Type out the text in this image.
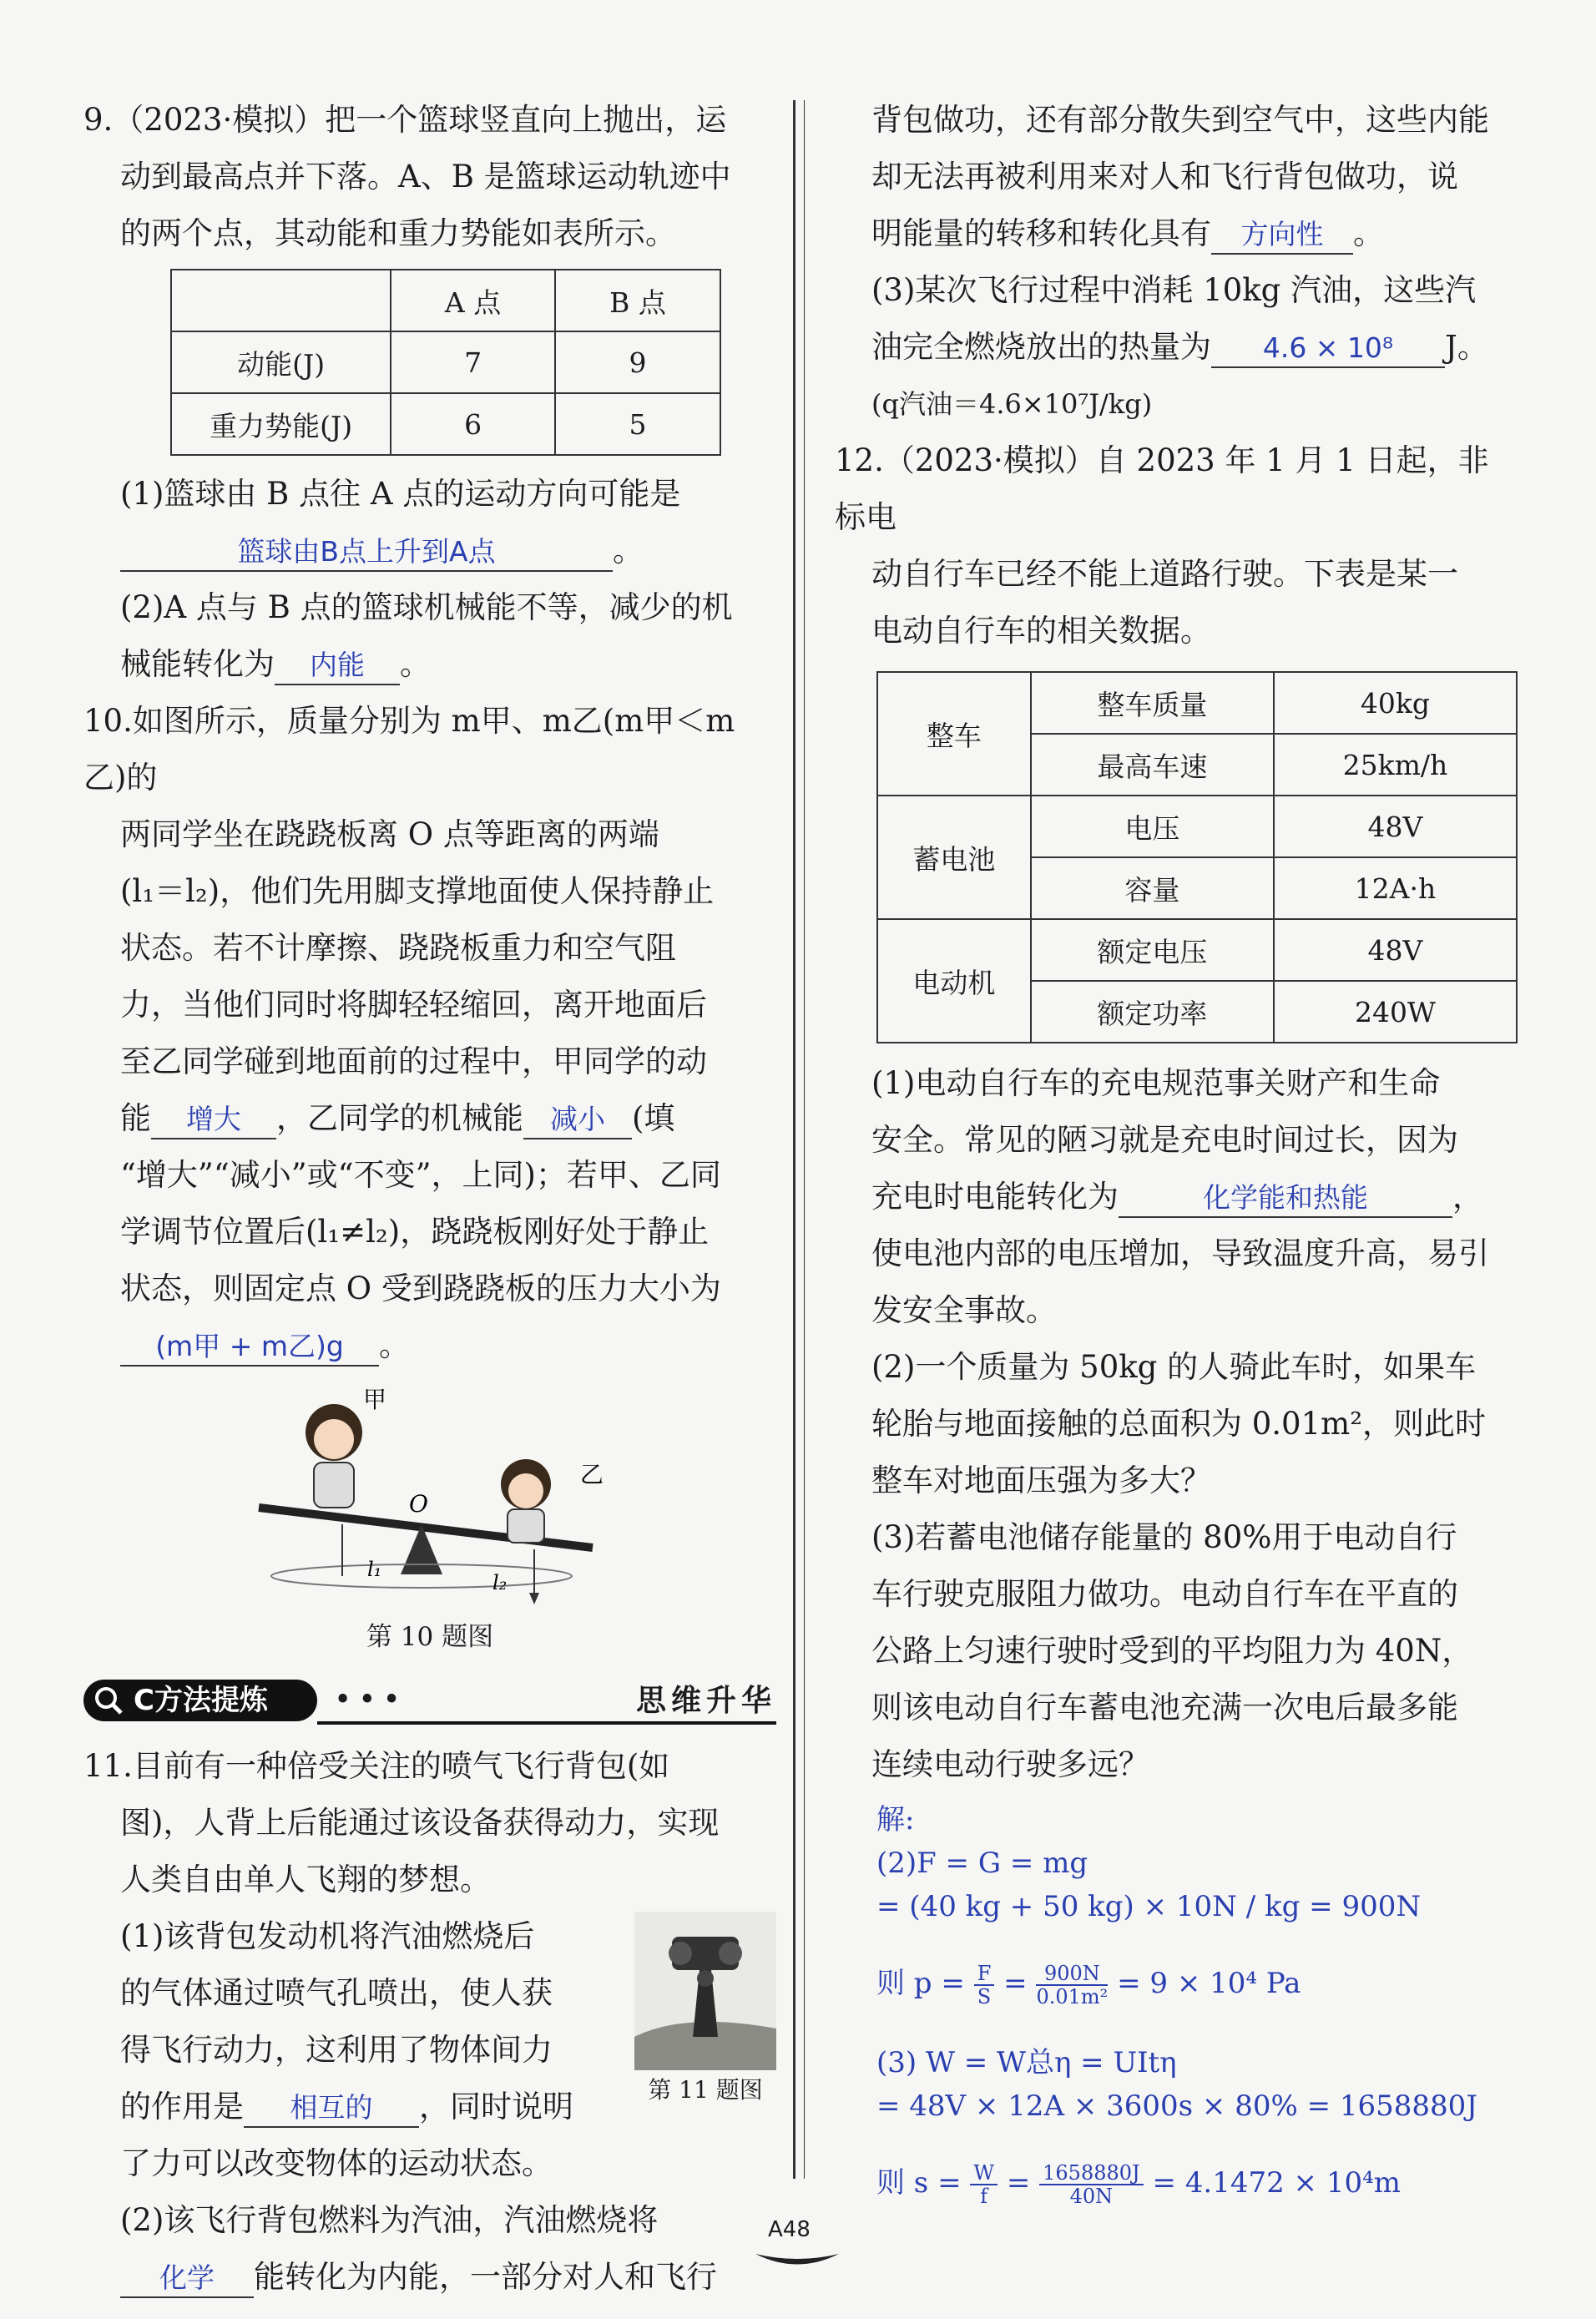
9.（2023·模拟）把一个篮球竖直向上抛出，运

动到最高点并下落。A、B 是篮球运动轨迹中

的两个点，其动能和重力势能如表所示。

	A 点	B 点
动能(J)	7	9
重力势能(J)	6	5

(1)篮球由 B 点往 A 点的运动方向可能是

篮球由B点上升到A点	。

(2)A 点与 B 点的篮球机械能不等，减少的机

械能转化为 内能 。

10.如图所示，质量分别为 m甲、m乙(m甲＜m乙)的

两同学坐在跷跷板离 O 点等距离的两端

(l₁＝l₂)，他们先用脚支撑地面使人保持静止

状态。若不计摩擦、跷跷板重力和空气阻

力，当他们同时将脚轻轻缩回，离开地面后

至乙同学碰到地面前的过程中，甲同学的动

能 增大 ，乙同学的机械能 减小 (填

“增大”“减小”或“不变”，上同)；若甲、乙同

学调节位置后(l₁≠l₂)，跷跷板刚好处于静止

状态，则固定点 O 受到跷跷板的压力大小为

(m甲 + m乙)g 。

甲
乙
O
l₁
l₂
第 10 题图
C方法提炼	•••	思维升华

11.目前有一种倍受关注的喷气飞行背包(如

图)，人背上后能通过该设备获得动力，实现

人类自由单人飞翔的梦想。

第 11 题图

(1)该背包发动机将汽油燃烧后

的气体通过喷气孔喷出，使人获

得飞行动力，这利用了物体间力

的作用是 相互的 ，同时说明

了力可以改变物体的运动状态。

(2)该飞行背包燃料为汽油，汽油燃烧将

化学 能转化为内能，一部分对人和飞行

背包做功，还有部分散失到空气中，这些内能

却无法再被利用来对人和飞行背包做功，说

明能量的转移和转化具有 方向性 。

(3)某次飞行过程中消耗 10kg 汽油，这些汽

油完全燃烧放出的热量为 4.6 × 10⁸ J。

(q汽油＝4.6×10⁷J/kg)

12.（2023·模拟）自 2023 年 1 月 1 日起，非标电

动自行车已经不能上道路行驶。下表是某一

电动自行车的相关数据。

整车	整车质量	40kg
	最高车速	25km/h
蓄电池	电压	48V
	容量	12A·h
电动机	额定电压	48V
	额定功率	240W

(1)电动自行车的充电规范事关财产和生命

安全。常见的陋习就是充电时间过长，因为

充电时电能转化为	化学能和热能	，

使电池内部的电压增加，导致温度升高，易引

发安全事故。

(2)一个质量为 50kg 的人骑此车时，如果车

轮胎与地面接触的总面积为 0.01m²，则此时

整车对地面压强为多大？

(3)若蓄电池储存能量的 80%用于电动自行

车行驶克服阻力做功。电动自行车在平直的

公路上匀速行驶时受到的平均阻力为 40N，

则该电动自行车蓄电池充满一次电后最多能

连续电动行驶多远？

解:
(2)F = G = mg
= (40 kg + 50 kg) × 10N / kg = 900N
则 $p = \frac{F}{S} = \frac{900N}{\text{0.01m²}} = 9 \times 10^4$ Pa
(3) W = W总η = UItη
= 48V × 12A × 3600s × 80% = 1658880J
则 $s = \frac{W}{f} = \frac{1658880J}{40N} = 4.1472 \times 10^4m$
A48
